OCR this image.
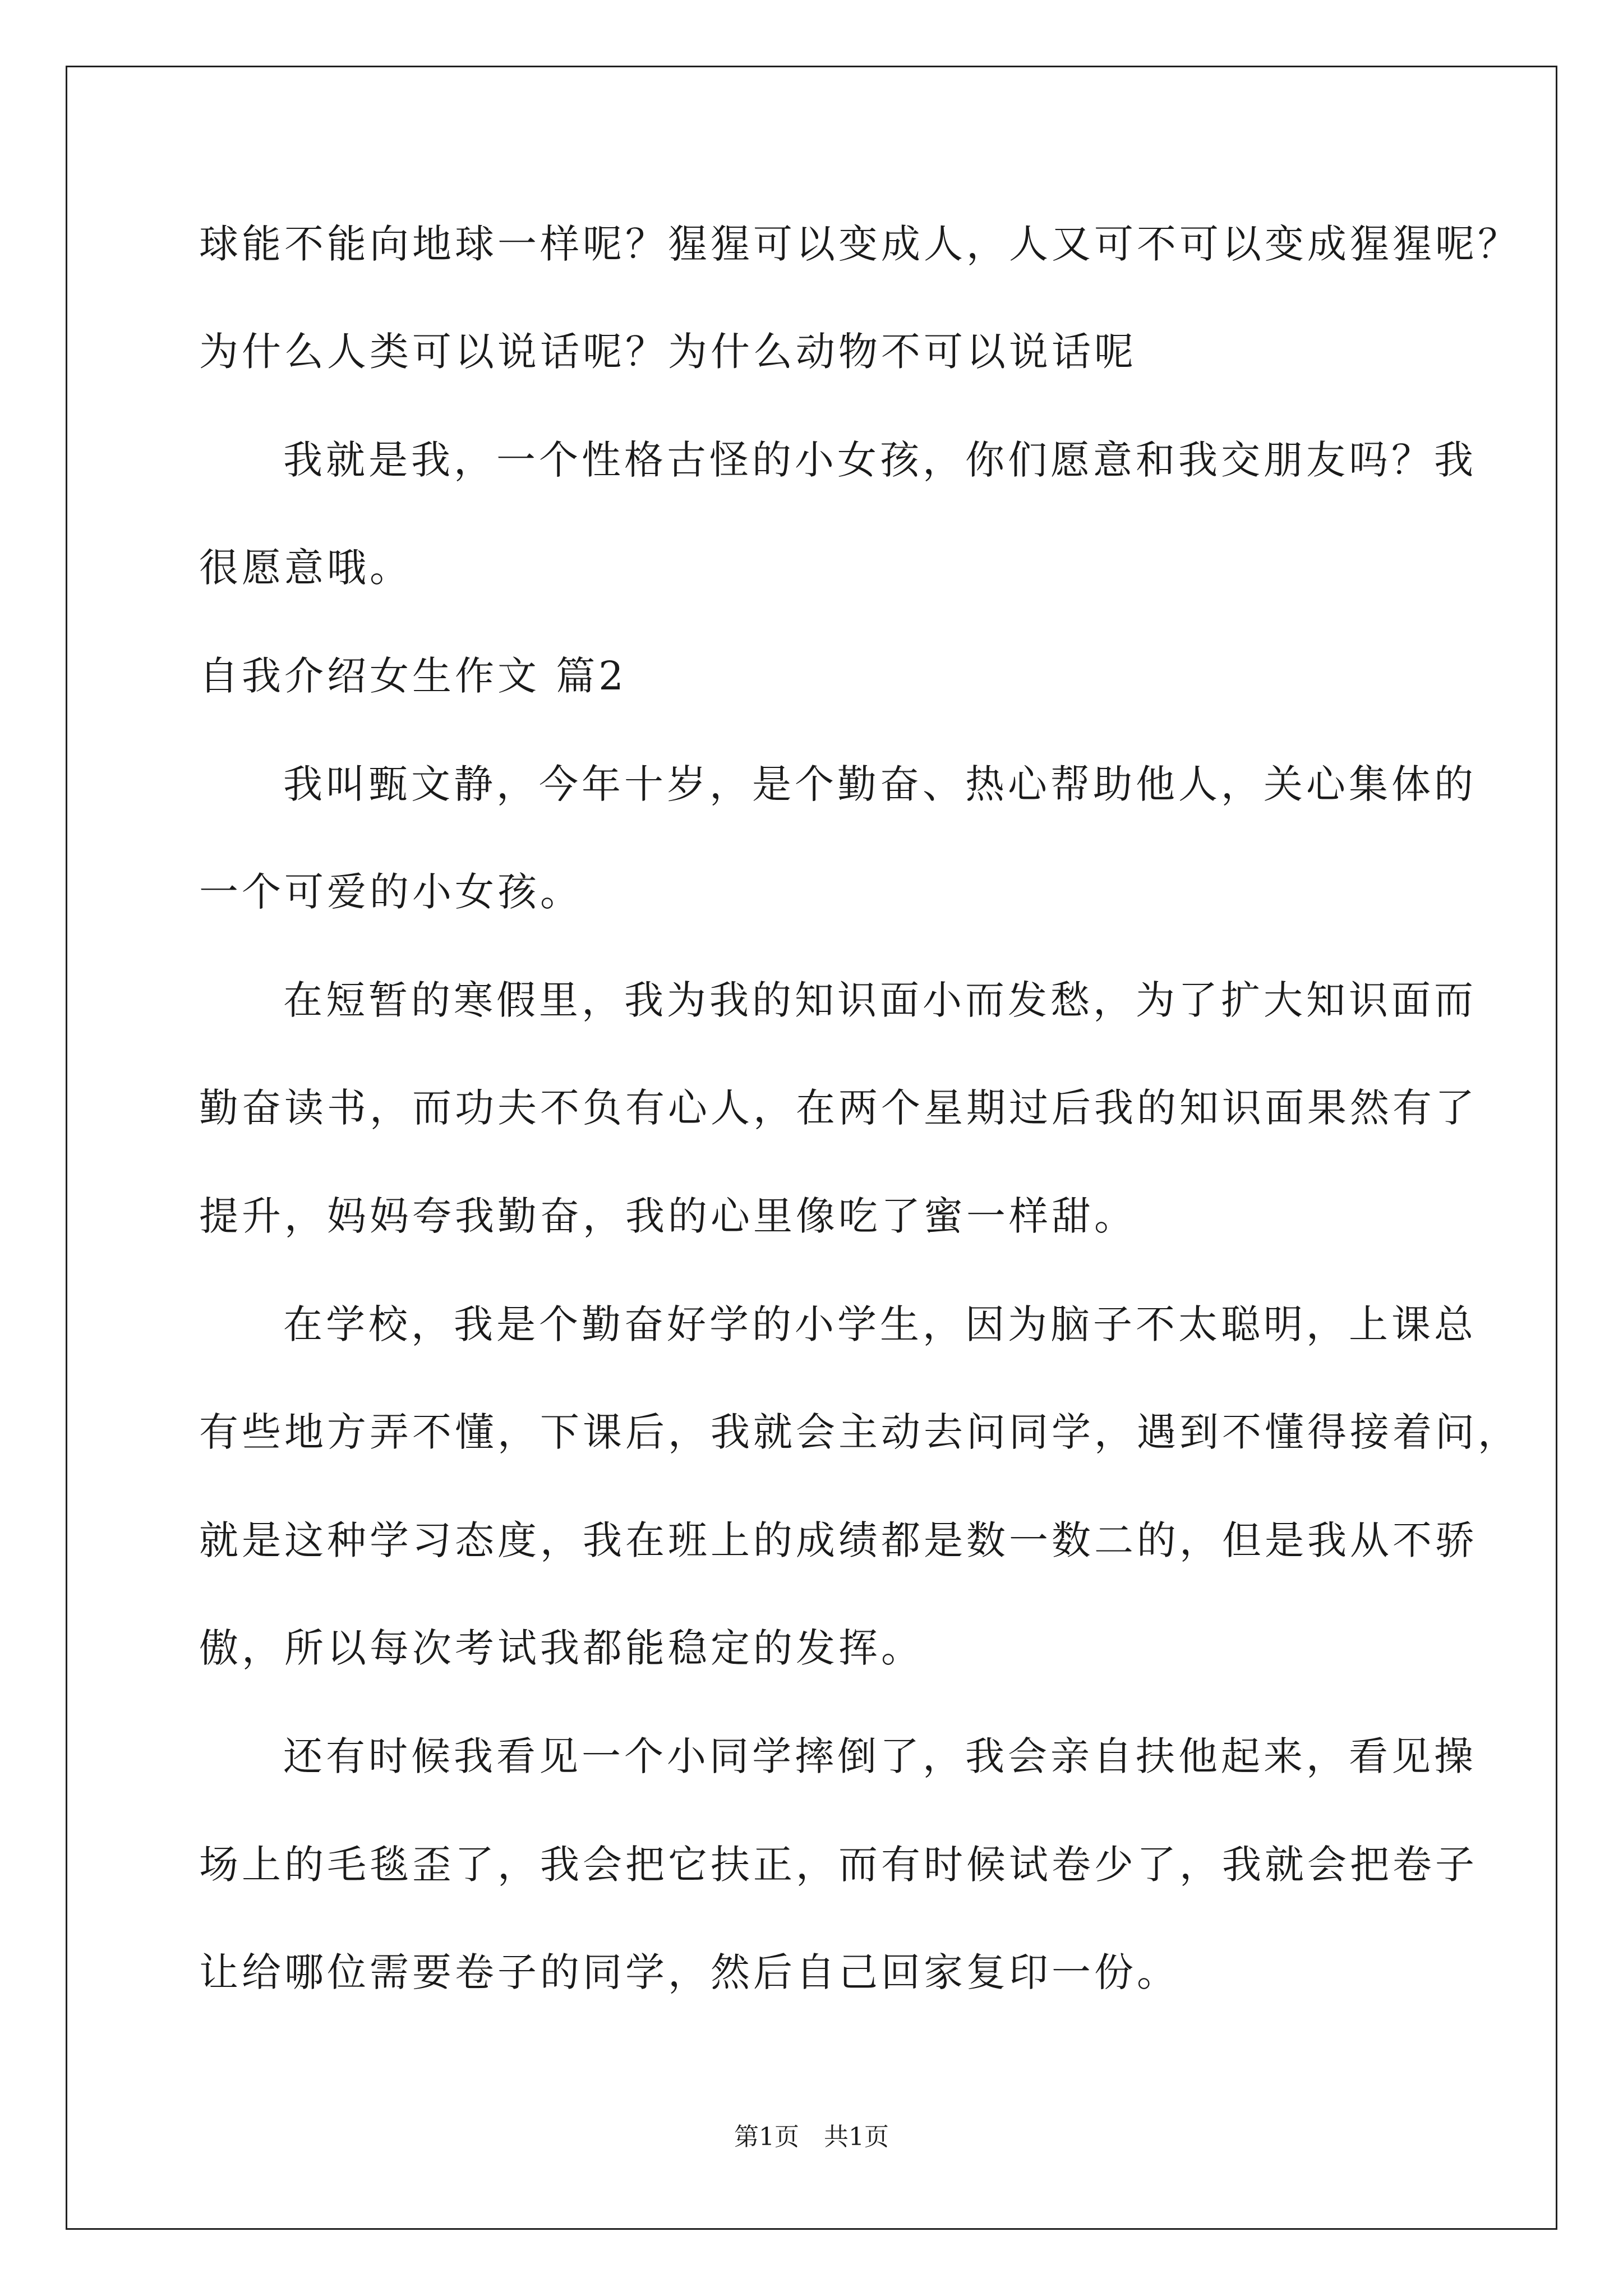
球能不能向地球一样呢？猩猩可以变成人，人又可不可以变成猩猩呢？
为什么人类可以说话呢？为什么动物不可以说话呢
我就是我，一个性格古怪的小女孩，你们愿意和我交朋友吗？我
很愿意哦。
自我介绍女生作文 篇2
我叫甄文静，今年十岁，是个勤奋、热心帮助他人，关心集体的
一个可爱的小女孩。
在短暂的寒假里，我为我的知识面小而发愁，为了扩大知识面而
勤奋读书，而功夫不负有心人，在两个星期过后我的知识面果然有了
提升，妈妈夸我勤奋，我的心里像吃了蜜一样甜。
在学校，我是个勤奋好学的小学生，因为脑子不太聪明，上课总
有些地方弄不懂，下课后，我就会主动去问同学，遇到不懂得接着问，
就是这种学习态度，我在班上的成绩都是数一数二的，但是我从不骄
傲，所以每次考试我都能稳定的发挥。
还有时候我看见一个小同学摔倒了，我会亲自扶他起来，看见操
场上的毛毯歪了，我会把它扶正，而有时候试卷少了，我就会把卷子
让给哪位需要卷子的同学，然后自己回家复印一份。
第1页 共1页
